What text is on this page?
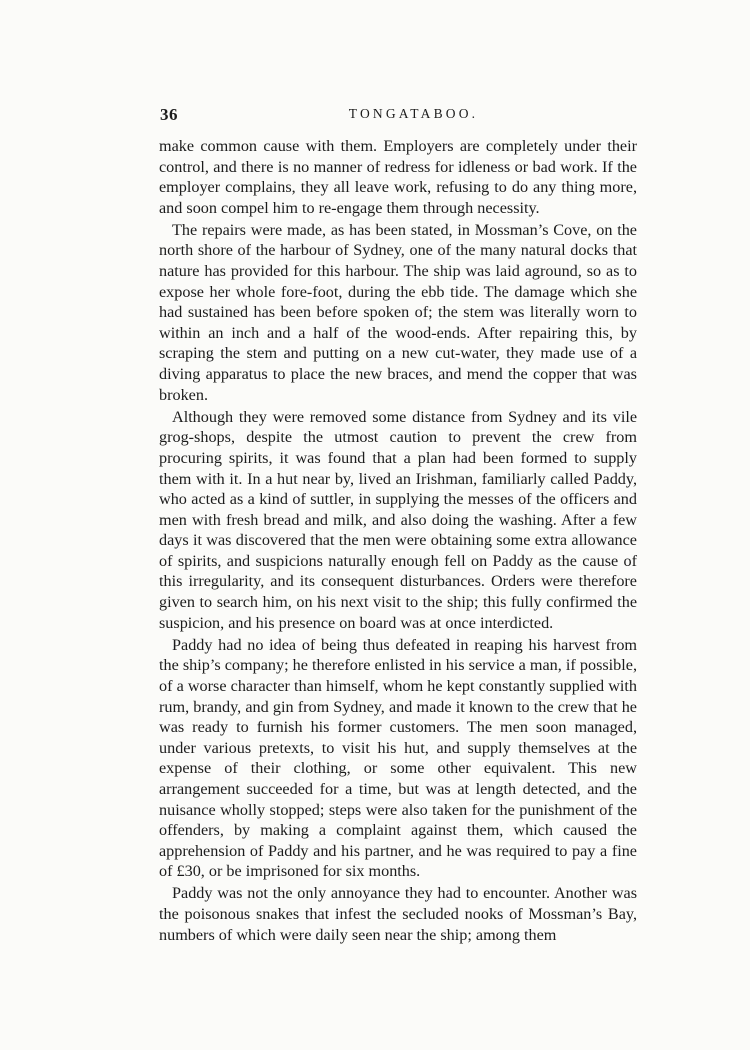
36	TONGATABOO.

make common cause with them. Employers are completely under their control, and there is no manner of redress for idleness or bad work. If the employer complains, they all leave work, refusing to do any thing more, and soon compel him to re-engage them through necessity.

The repairs were made, as has been stated, in Mossman’s Cove, on the north shore of the harbour of Sydney, one of the many natural docks that nature has provided for this harbour. The ship was laid aground, so as to expose her whole fore-foot, during the ebb tide. The damage which she had sustained has been before spoken of; the stem was literally worn to within an inch and a half of the wood-ends. After repairing this, by scraping the stem and putting on a new cut-water, they made use of a diving apparatus to place the new braces, and mend the copper that was broken.

Although they were removed some distance from Sydney and its vile grog-shops, despite the utmost caution to prevent the crew from procuring spirits, it was found that a plan had been formed to supply them with it. In a hut near by, lived an Irishman, familiarly called Paddy, who acted as a kind of suttler, in supplying the messes of the officers and men with fresh bread and milk, and also doing the washing. After a few days it was discovered that the men were obtaining some extra allowance of spirits, and suspicions naturally enough fell on Paddy as the cause of this irregularity, and its consequent disturbances. Orders were therefore given to search him, on his next visit to the ship; this fully confirmed the suspicion, and his presence on board was at once interdicted.

Paddy had no idea of being thus defeated in reaping his harvest from the ship’s company; he therefore enlisted in his service a man, if possible, of a worse character than himself, whom he kept constantly supplied with rum, brandy, and gin from Sydney, and made it known to the crew that he was ready to furnish his former customers. The men soon managed, under various pretexts, to visit his hut, and supply themselves at the expense of their clothing, or some other equivalent. This new arrangement succeeded for a time, but was at length detected, and the nuisance wholly stopped; steps were also taken for the punishment of the offenders, by making a complaint against them, which caused the apprehension of Paddy and his partner, and he was required to pay a fine of £30, or be imprisoned for six months.

Paddy was not the only annoyance they had to encounter. Another was the poisonous snakes that infest the secluded nooks of Mossman’s Bay, numbers of which were daily seen near the ship; among them
